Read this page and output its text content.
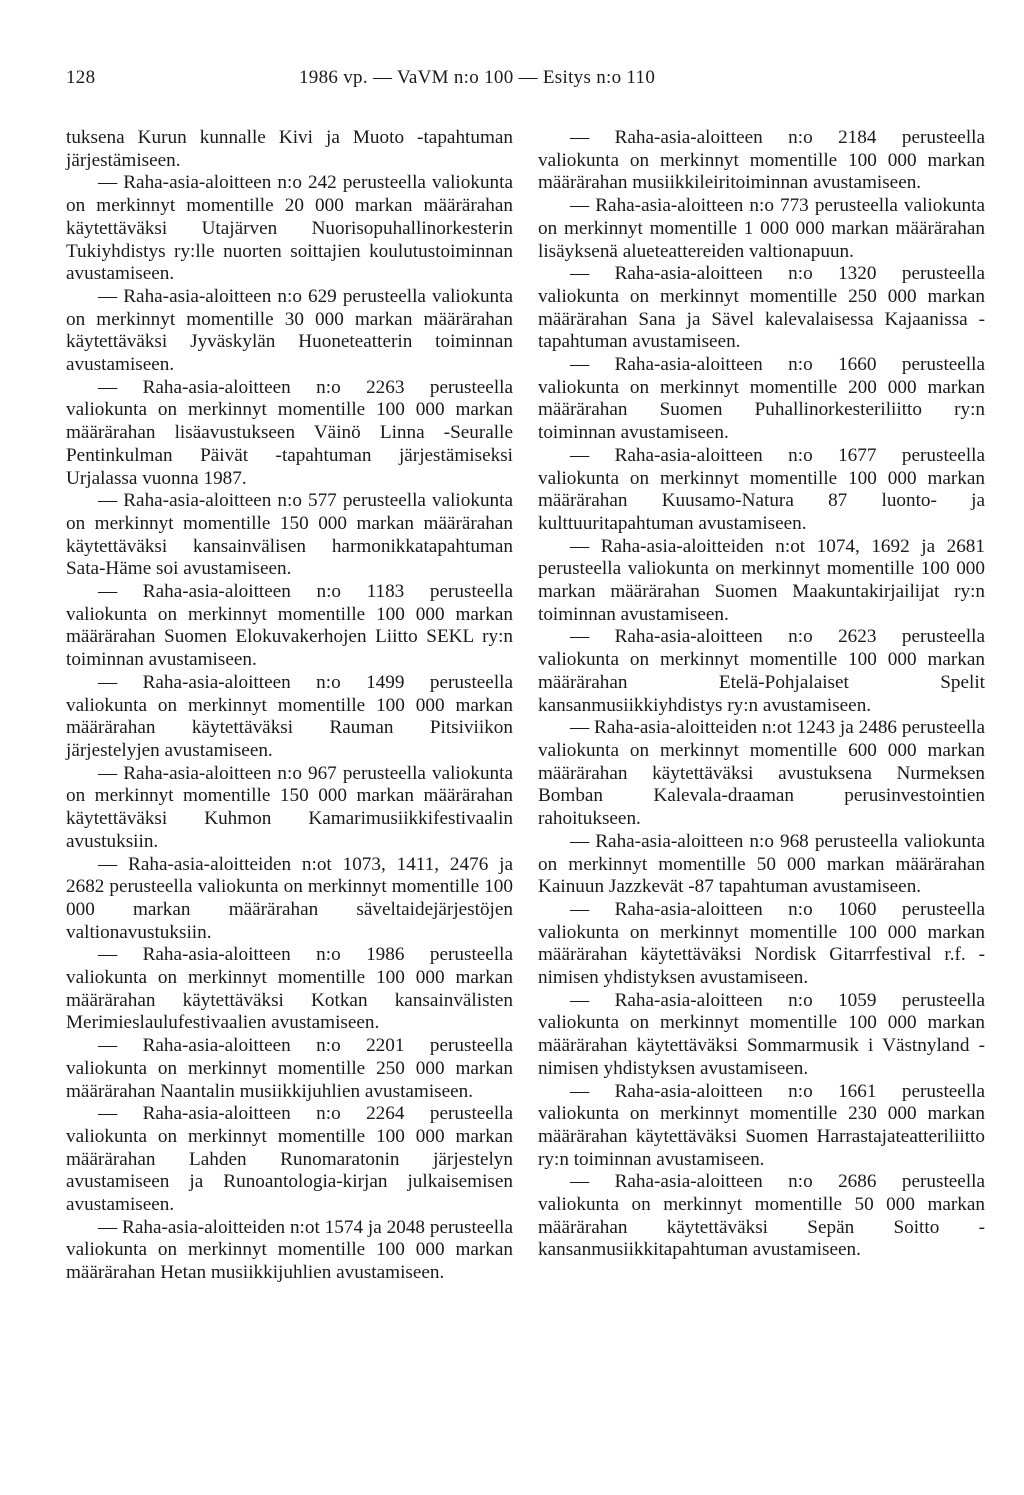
128	1986 vp. — VaVM n:o 100 — Esitys n:o 110

tuksena Kurun kunnalle Kivi ja Muoto -tapahtuman järjestämiseen.

— Raha-asia-aloitteen n:o 242 perusteella valiokunta on merkinnyt momentille 20 000 markan määrärahan käytettäväksi Utajärven Nuorisopuhallinorkesterin Tukiyhdistys ry:lle nuorten soittajien koulutustoiminnan avustamiseen.

— Raha-asia-aloitteen n:o 629 perusteella valiokunta on merkinnyt momentille 30 000 markan määrärahan käytettäväksi Jyväskylän Huoneteatterin toiminnan avustamiseen.

— Raha-asia-aloitteen n:o 2263 perusteella valiokunta on merkinnyt momentille 100 000 markan määrärahan lisäavustukseen Väinö Linna -Seuralle Pentinkulman Päivät -tapahtuman järjestämiseksi Urjalassa vuonna 1987.

— Raha-asia-aloitteen n:o 577 perusteella valiokunta on merkinnyt momentille 150 000 markan määrärahan käytettäväksi kansainvälisen harmonikkatapahtuman Sata-Häme soi avustamiseen.

— Raha-asia-aloitteen n:o 1183 perusteella valiokunta on merkinnyt momentille 100 000 markan määrärahan Suomen Elokuvakerhojen Liitto SEKL ry:n toiminnan avustamiseen.

— Raha-asia-aloitteen n:o 1499 perusteella valiokunta on merkinnyt momentille 100 000 markan määrärahan käytettäväksi Rauman Pitsiviikon järjestelyjen avustamiseen.

— Raha-asia-aloitteen n:o 967 perusteella valiokunta on merkinnyt momentille 150 000 markan määrärahan käytettäväksi Kuhmon Kamarimusiikkifestivaalin avustuksiin.

— Raha-asia-aloitteiden n:ot 1073, 1411, 2476 ja 2682 perusteella valiokunta on merkinnyt momentille 100 000 markan määrärahan säveltaidejärjestöjen valtionavustuksiin.

— Raha-asia-aloitteen n:o 1986 perusteella valiokunta on merkinnyt momentille 100 000 markan määrärahan käytettäväksi Kotkan kansainvälisten Merimieslaulufestivaalien avustamiseen.

— Raha-asia-aloitteen n:o 2201 perusteella valiokunta on merkinnyt momentille 250 000 markan määrärahan Naantalin musiikkijuhlien avustamiseen.

— Raha-asia-aloitteen n:o 2264 perusteella valiokunta on merkinnyt momentille 100 000 markan määrärahan Lahden Runomaratonin järjestelyn avustamiseen ja Runoantologia-kirjan julkaisemisen avustamiseen.

— Raha-asia-aloitteiden n:ot 1574 ja 2048 perusteella valiokunta on merkinnyt momentille 100 000 markan määrärahan Hetan musiikkijuhlien avustamiseen.

— Raha-asia-aloitteen n:o 2184 perusteella valiokunta on merkinnyt momentille 100 000 markan määrärahan musiikkileiritoiminnan avustamiseen.

— Raha-asia-aloitteen n:o 773 perusteella valiokunta on merkinnyt momentille 1 000 000 markan määrärahan lisäyksenä alueteattereiden valtionapuun.

— Raha-asia-aloitteen n:o 1320 perusteella valiokunta on merkinnyt momentille 250 000 markan määrärahan Sana ja Sävel kalevalaisessa Kajaanissa -tapahtuman avustamiseen.

— Raha-asia-aloitteen n:o 1660 perusteella valiokunta on merkinnyt momentille 200 000 markan määrärahan Suomen Puhallinorkesteriliitto ry:n toiminnan avustamiseen.

— Raha-asia-aloitteen n:o 1677 perusteella valiokunta on merkinnyt momentille 100 000 markan määrärahan Kuusamo-Natura 87 luonto- ja kulttuuritapahtuman avustamiseen.

— Raha-asia-aloitteiden n:ot 1074, 1692 ja 2681 perusteella valiokunta on merkinnyt momentille 100 000 markan määrärahan Suomen Maakuntakirjailijat ry:n toiminnan avustamiseen.

— Raha-asia-aloitteen n:o 2623 perusteella valiokunta on merkinnyt momentille 100 000 markan määrärahan Etelä-Pohjalaiset Spelit kansanmusiikkiyhdistys ry:n avustamiseen.

— Raha-asia-aloitteiden n:ot 1243 ja 2486 perusteella valiokunta on merkinnyt momentille 600 000 markan määrärahan käytettäväksi avustuksena Nurmeksen Bomban Kalevala-draaman perusinvestointien rahoitukseen.

— Raha-asia-aloitteen n:o 968 perusteella valiokunta on merkinnyt momentille 50 000 markan määrärahan Kainuun Jazzkevät -87 tapahtuman avustamiseen.

— Raha-asia-aloitteen n:o 1060 perusteella valiokunta on merkinnyt momentille 100 000 markan määrärahan käytettäväksi Nordisk Gitarrfestival r.f. -nimisen yhdistyksen avustamiseen.

— Raha-asia-aloitteen n:o 1059 perusteella valiokunta on merkinnyt momentille 100 000 markan määrärahan käytettäväksi Sommarmusik i Västnyland -nimisen yhdistyksen avustamiseen.

— Raha-asia-aloitteen n:o 1661 perusteella valiokunta on merkinnyt momentille 230 000 markan määrärahan käytettäväksi Suomen Harrastajateatteriliitto ry:n toiminnan avustamiseen.

— Raha-asia-aloitteen n:o 2686 perusteella valiokunta on merkinnyt momentille 50 000 markan määrärahan käytettäväksi Sepän Soitto -kansanmusiikkitapahtuman avustamiseen.
